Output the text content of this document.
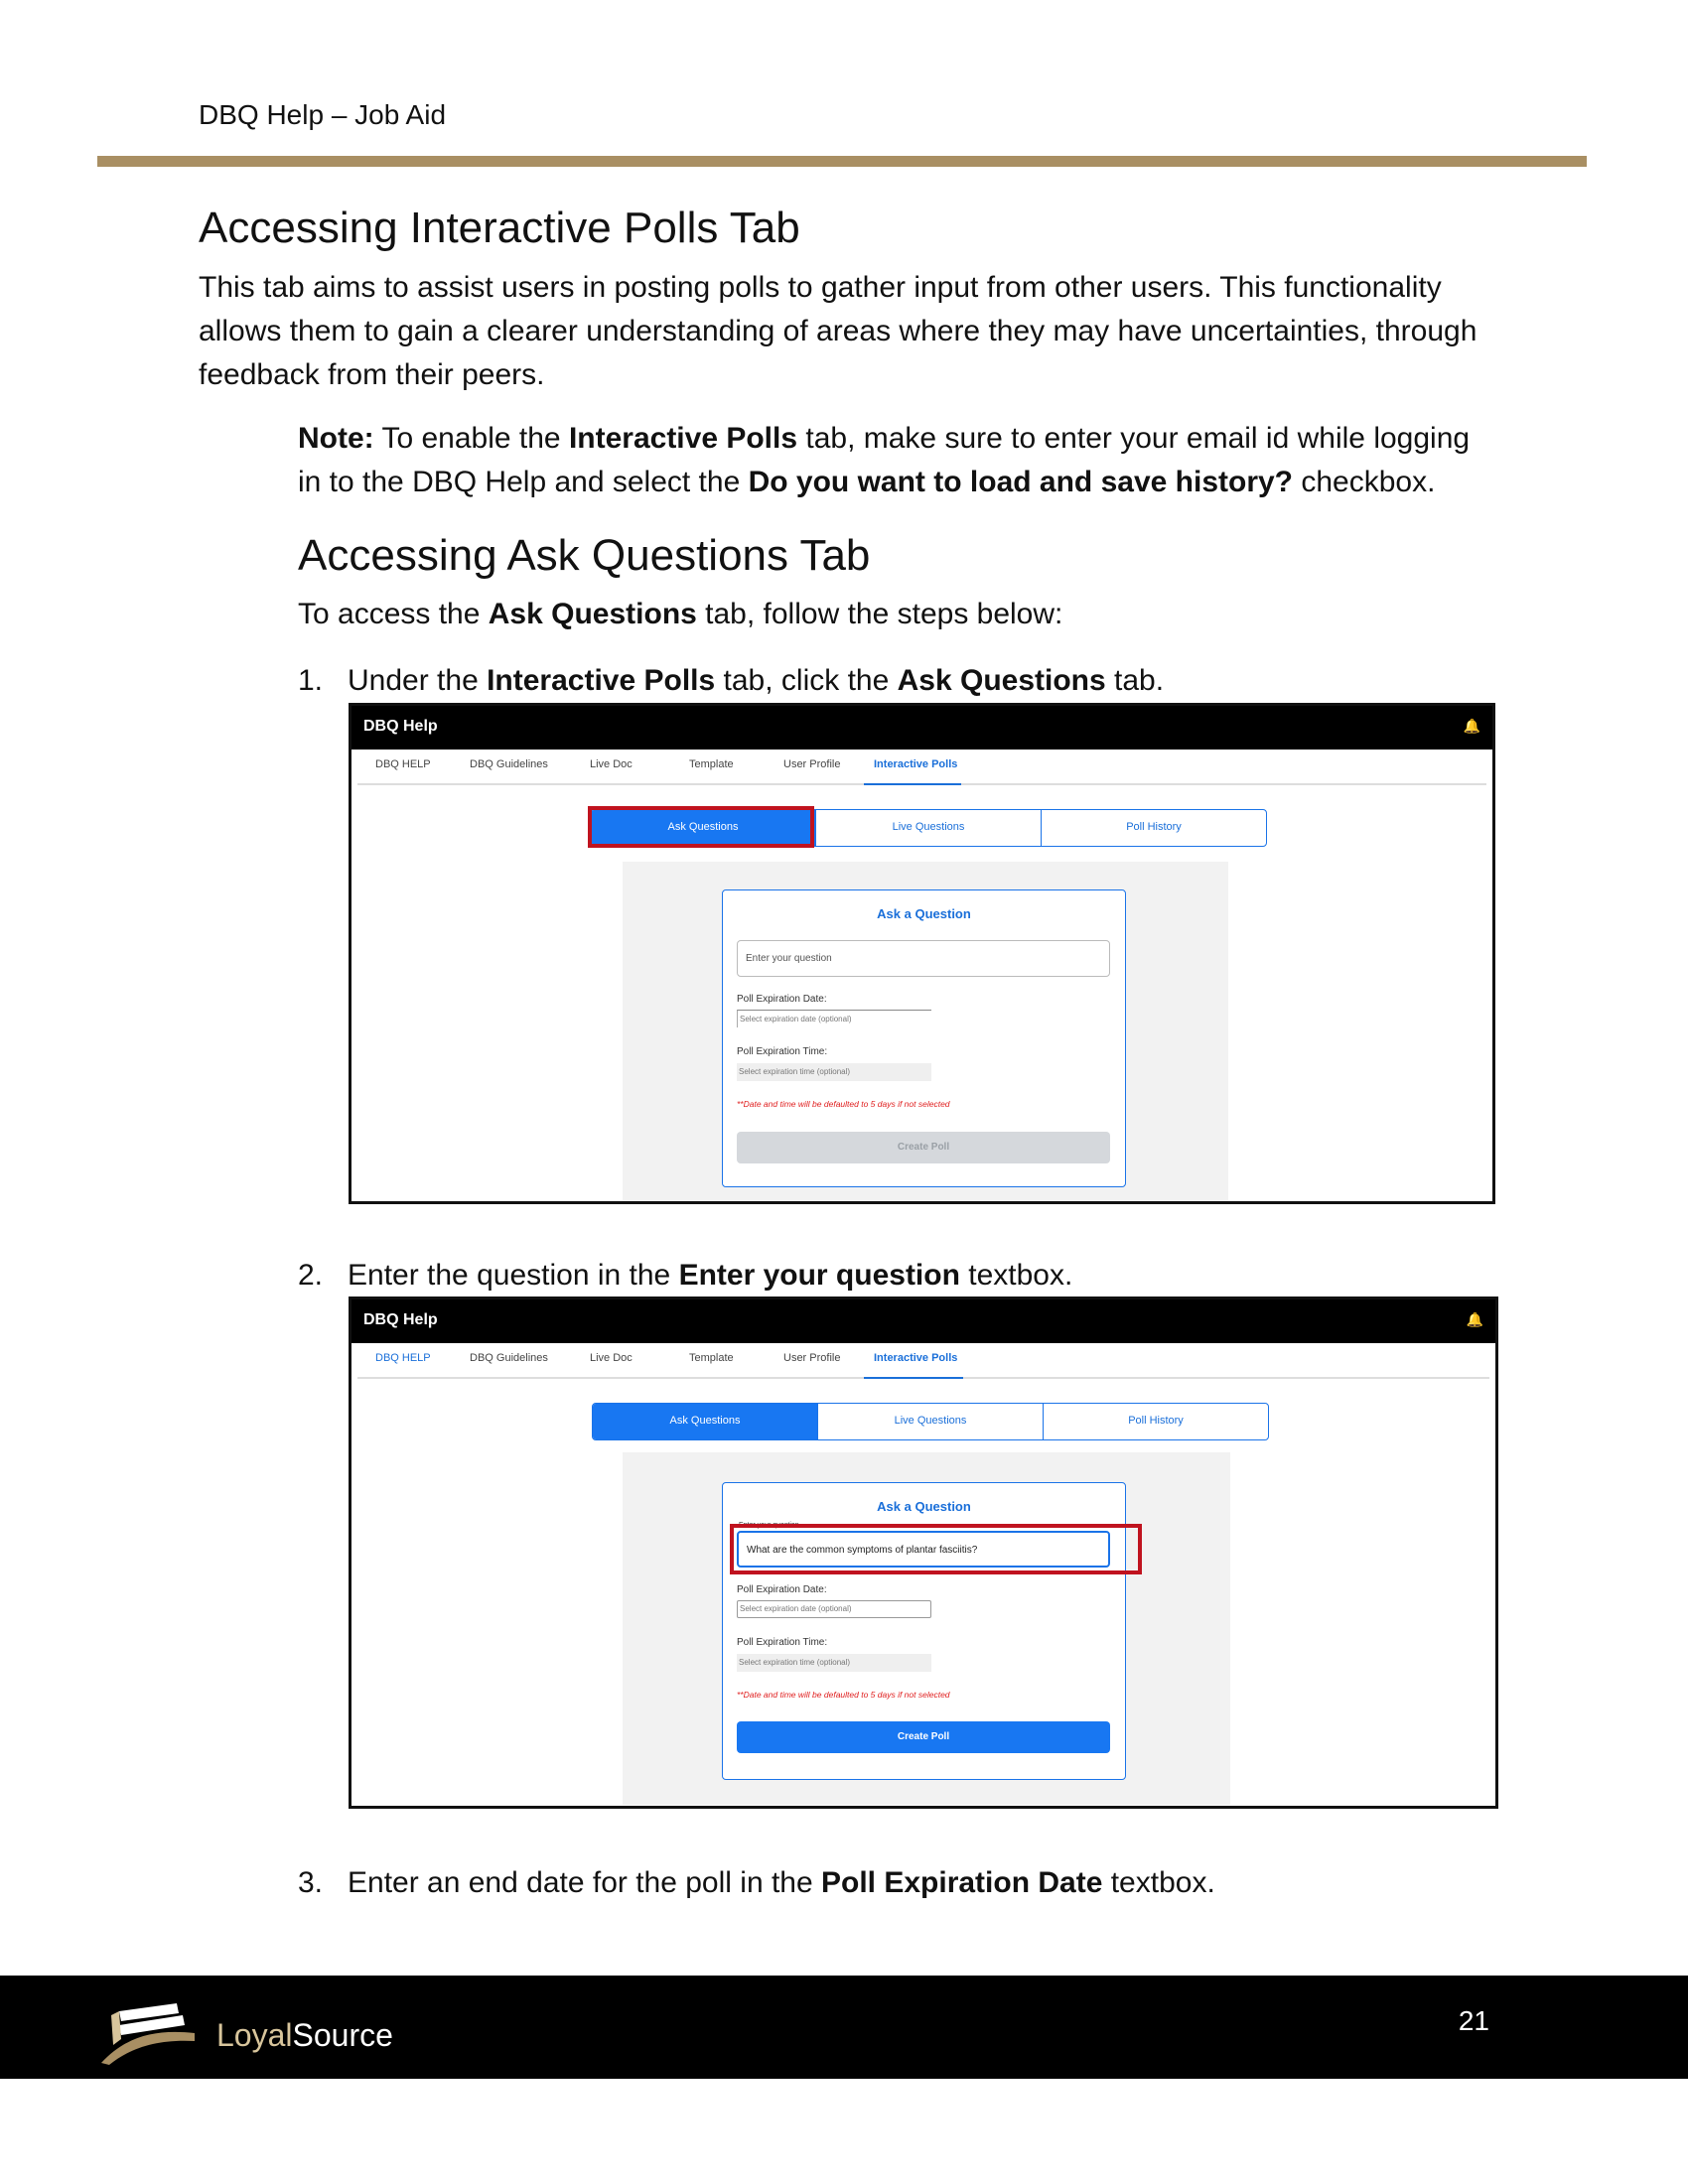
DBQ Help – Job Aid
Accessing Interactive Polls Tab

This tab aims to assist users in posting polls to gather input from other users. This functionality allows them to gain a clearer understanding of areas where they may have uncertainties, through feedback from their peers.

Note: To enable the Interactive Polls tab, make sure to enter your email id while logging in to the DBQ Help and select the Do you want to load and save history? checkbox.

Accessing Ask Questions Tab

To access the Ask Questions tab, follow the steps below:

1. Under the Interactive Polls tab, click the Ask Questions tab.

DBQ Help	🔔
DBQ HELP	DBQ Guidelines	Live Doc	Template	User Profile	Interactive Polls
Ask Questions	Live Questions	Poll History
Ask a Question
Enter your question
Poll Expiration Date:
Select expiration date (optional)
Poll Expiration Time:
Select expiration time (optional)
**Date and time will be defaulted to 5 days if not selected
Create Poll

2. Enter the question in the Enter your question textbox.

DBQ Help	🔔
DBQ HELP	DBQ Guidelines	Live Doc	Template	User Profile	Interactive Polls
Ask Questions	Live Questions	Poll History
Ask a Question
Enter your question
What are the common symptoms of plantar fasciitis?
Poll Expiration Date:
Select expiration date (optional)
Poll Expiration Time:
Select expiration time (optional)
**Date and time will be defaulted to 5 days if not selected
Create Poll

3. Enter an end date for the poll in the Poll Expiration Date textbox.

LoyalSource	21
